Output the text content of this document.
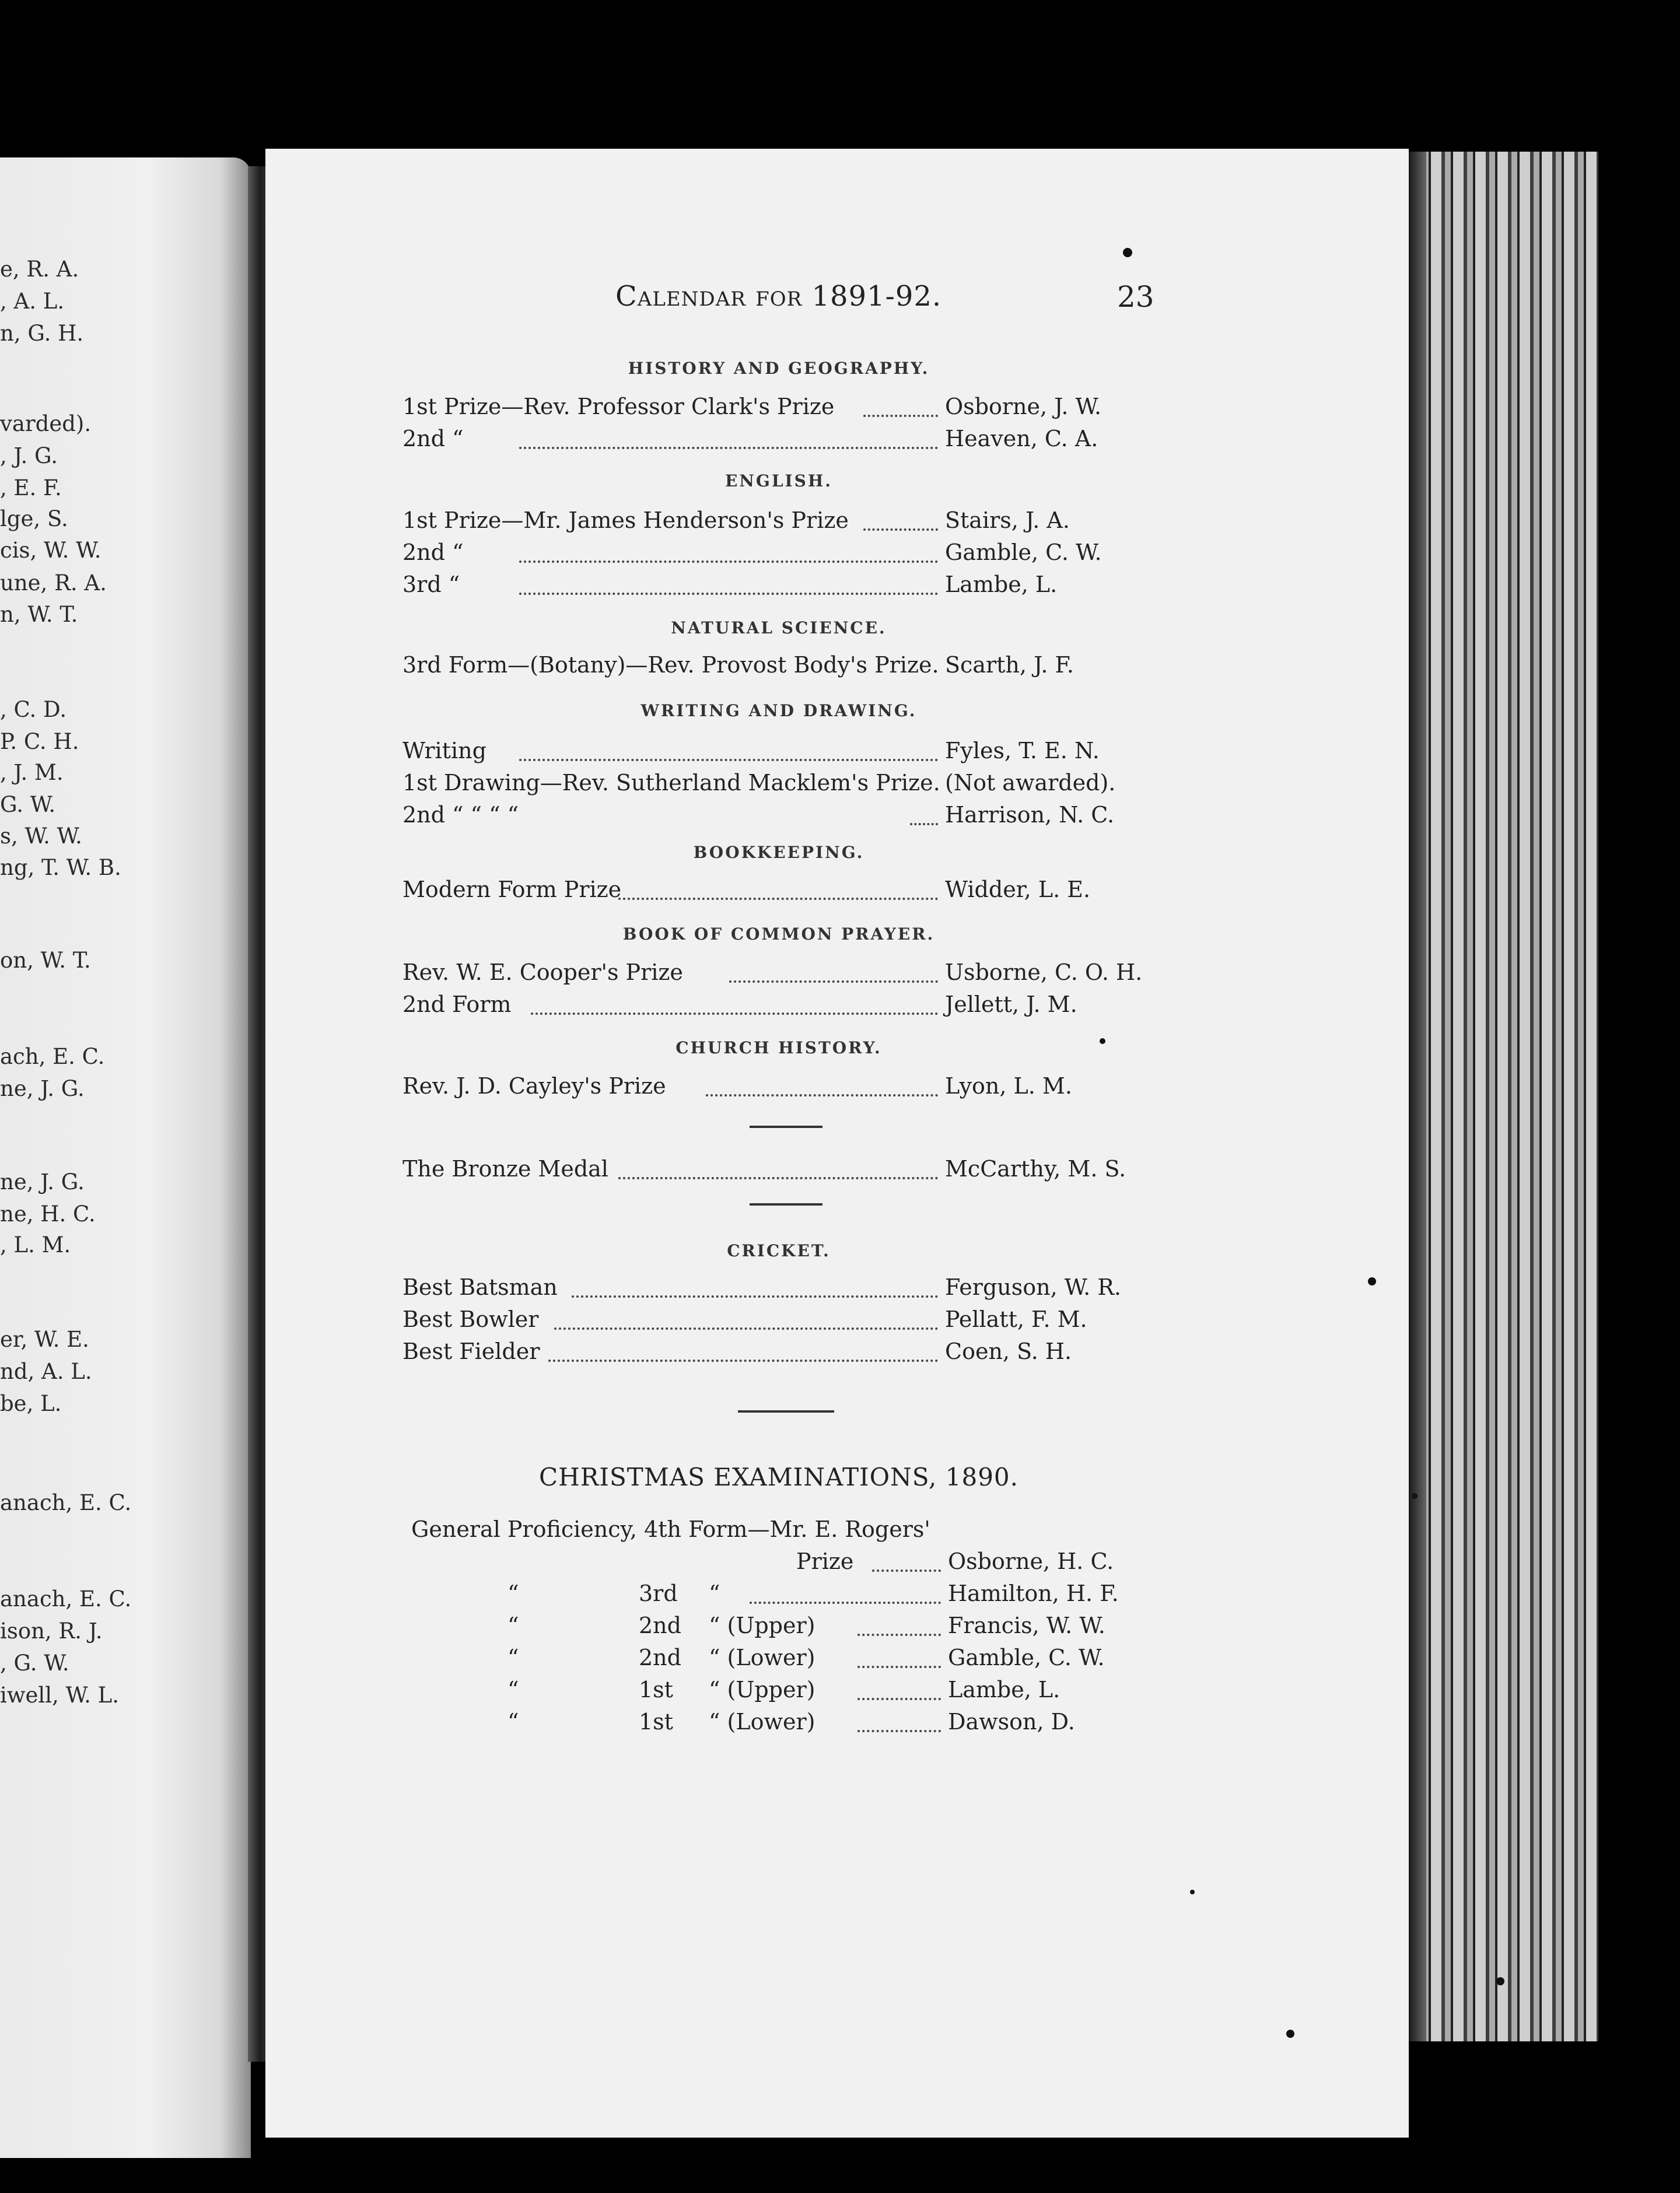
e, R. A.
, A. L.
n, G. H.
varded).
, J. G.
, E. F.
lge, S.
cis, W. W.
une, R. A.
n, W. T.
, C. D.
P. C. H.
, J. M.
G. W.
s, W. W.
ng, T. W. B.
on, W. T.
ach, E. C.
ne, J. G.
ne, J. G.
ne, H. C.
, L. M.
er, W. E.
nd, A. L.
be, L.
anach, E. C.
anach, E. C.
ison, R. J.
, G. W.
iwell, W. L.
Calendar for 1891-92.	23
HISTORY AND GEOGRAPHY.
1st Prize—Rev. Professor Clark's Prize	Osborne, J. W.
2nd “	Heaven, C. A.
ENGLISH.
1st Prize—Mr. James Henderson's Prize	Stairs, J. A.
2nd “	Gamble, C. W.
3rd “	Lambe, L.
NATURAL SCIENCE.
3rd Form—(Botany)—Rev. Provost Body's Prize. Scarth, J. F.
WRITING AND DRAWING.
Writing	Fyles, T. E. N.
1st Drawing—Rev. Sutherland Macklem's Prize. (Not awarded).
2nd “ “ “ “	Harrison, N. C.
BOOKKEEPING.
Modern Form Prize	Widder, L. E.
BOOK OF COMMON PRAYER.
Rev. W. E. Cooper's Prize	Usborne, C. O. H.
2nd Form	Jellett, J. M.
CHURCH HISTORY.
Rev. J. D. Cayley's Prize	Lyon, L. M.
The Bronze Medal	McCarthy, M. S.
CRICKET.
Best Batsman	Ferguson, W. R.
Best Bowler	Pellatt, F. M.
Best Fielder	Coen, S. H.
CHRISTMAS EXAMINATIONS, 1890.
General Proficiency, 4th Form—Mr. E. Rogers'
Prize	Osborne, H. C.
“	3rd “	Hamilton, H. F.
“	2nd “ (Upper)	Francis, W. W.
“	2nd “ (Lower)	Gamble, C. W.
“	1st “ (Upper)	Lambe, L.
“	1st “ (Lower)	Dawson, D.
